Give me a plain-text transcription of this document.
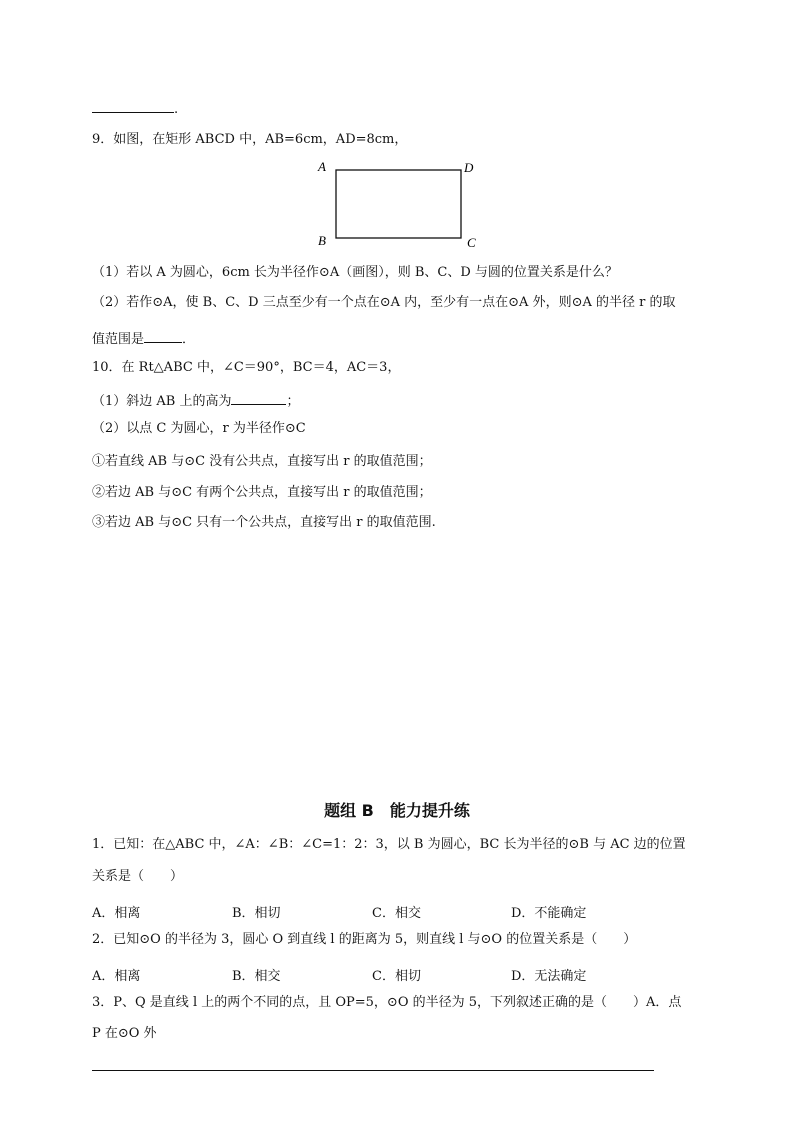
.
9．如图，在矩形 ABCD 中，AB=6cm，AD=8cm，
A	D
B	C
（1）若以 A 为圆心，6cm 长为半径作⊙A（画图），则 B、C、D 与圆的位置关系是什么？
（2）若作⊙A，使 B、C、D 三点至少有一个点在⊙A 内，至少有一点在⊙A 外，则⊙A 的半径 r 的取
值范围是	．
10．在 Rt△ABC 中，∠C＝90°，BC＝4，AC＝3，
（1）斜边 AB 上的高为	；
（2）以点 C 为圆心，r 为半径作⊙C
①若直线 AB 与⊙C 没有公共点，直接写出 r 的取值范围；
②若边 AB 与⊙C 有两个公共点，直接写出 r 的取值范围；
③若边 AB 与⊙C 只有一个公共点，直接写出 r 的取值范围.
题组 B　能力提升练
1．已知：在△ABC 中，∠A：∠B：∠C=1：2：3，以 B 为圆心，BC 长为半径的⊙B 与 AC 边的位置
关系是（　　）
A．相离	B．相切	C．相交	D．不能确定
2．已知⊙O 的半径为 3，圆心 O 到直线 l 的距离为 5，则直线 l 与⊙O 的位置关系是（　　）
A．相离	B．相交	C．相切	D．无法确定
3．P、Q 是直线 l 上的两个不同的点，且 OP=5，⊙O 的半径为 5，下列叙述正确的是（　　）A．点
P 在⊙O 外
